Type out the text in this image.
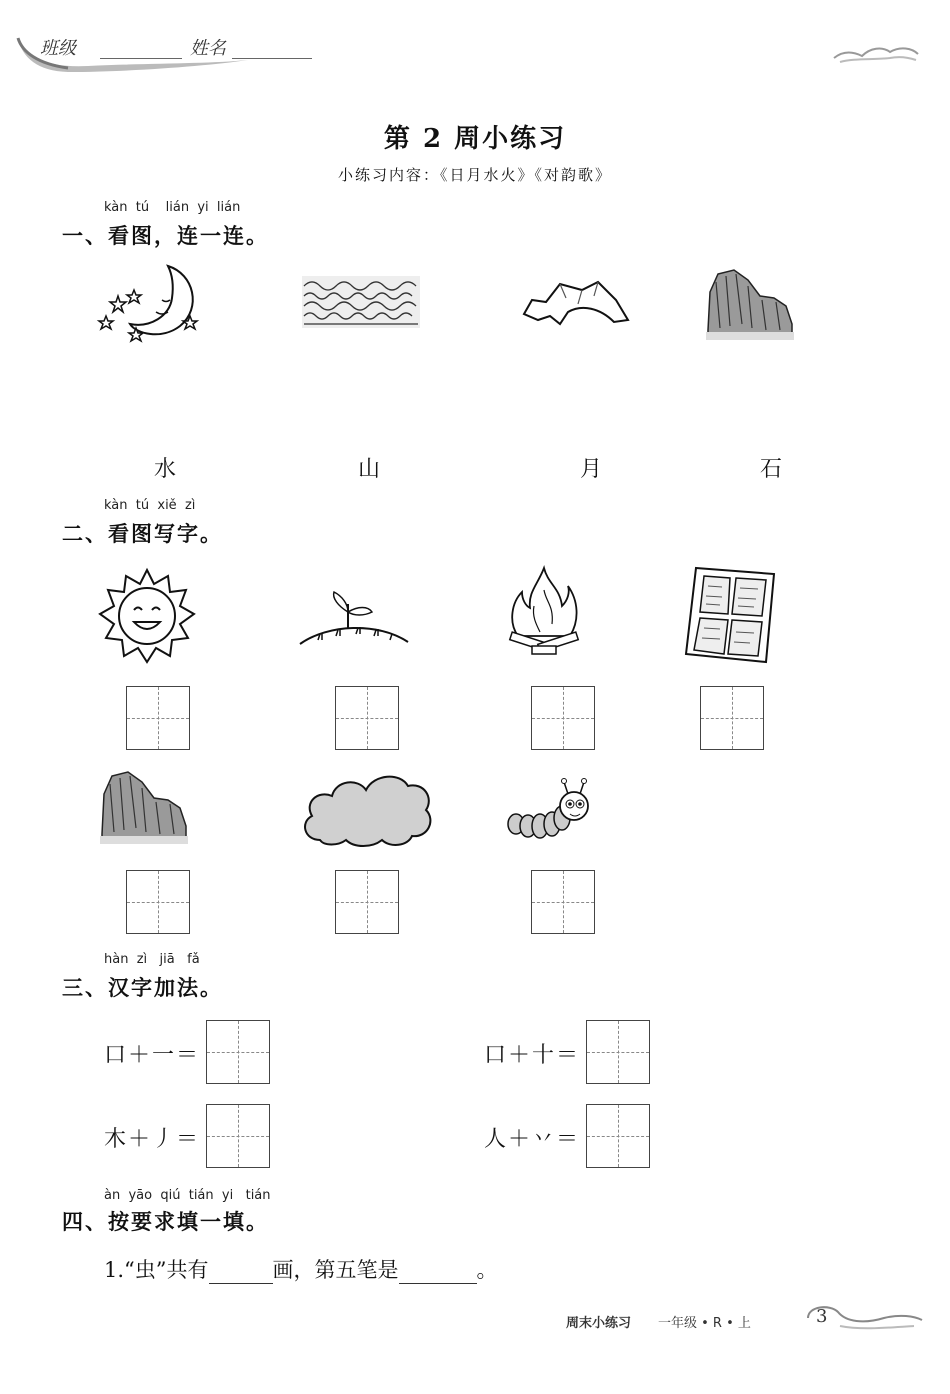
班级	姓名
第 2 周小练习
小练习内容：《日月水火》《对韵歌》
kàn  tú    lián  yi  lián
一、看图，连一连。
水	山	月	石
kàn  tú  xiě  zì
二、看图写字。
hàn  zì   jiā   fǎ
三、汉字加法。
口＋一＝	口＋十＝
木＋丿＝	人＋丷＝
àn  yāo  qiú  tián  yi   tián
四、按要求填一填。
1.“虫”共有	画，第五笔是	。
周末小练习 一年级 • R • 上	3
